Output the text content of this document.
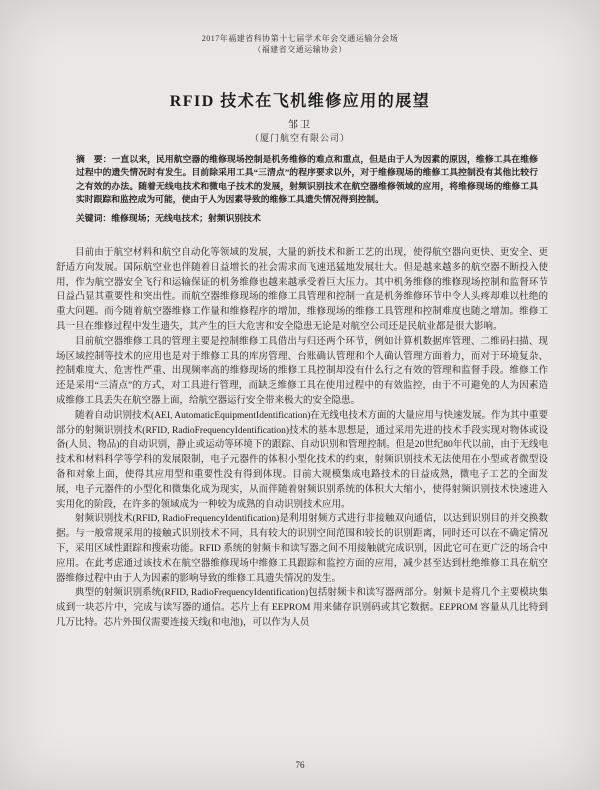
2017年福建省科协第十七届学术年会交通运输分会场
（福建省交通运输协会）
RFID 技术在飞机维修应用的展望
邹卫
（厦门航空有限公司）

摘　要：一直以来，民用航空器的维修现场控制是机务维修的难点和重点，但是由于人为因素的原因，维修工具在维修过程中的遗失情况时有发生。目前除采用工具“三清点”的程序要求以外，对于维修现场的维修工具控制没有其他比较行之有效的办法。随着无线电技术和微电子技术的发展，射频识别技术在航空器维修领域的应用，将维修现场的维修工具实时跟踪和监控成为可能，使由于人为因素导致的维修工具遗失情况得到控制。

关键词：维修现场；无线电技术；射频识别技术

目前由于航空材料和航空自动化等领域的发展，大量的新技术和新工艺的出现，使得航空器向更快、更安全、更舒适方向发展。国际航空业也伴随着日益增长的社会需求而飞速迅猛地发展壮大。但是越来越多的航空器不断投入使用，作为航空器安全飞行和运输保证的机务维修也越来越承受着巨大压力。其中机务维修的维修现场控制和监督环节日益凸显其重要性和突出性。而航空器维修现场的维修工具管理和控制一直是机务维修环节中令人头疼却难以杜绝的重大问题。而今随着航空器维修工作量和维修程序的增加，维修现场的维修工具管理和控制难度也随之增加。维修工具一旦在维修过程中发生遗失，其产生的巨大危害和安全隐患无论是对航空公司还是民航业都是很大影响。

目前航空器维修工具的管理主要是控制维修工具借出与归还两个环节，例如计算机数据库管理、二维码扫描、现场区域控制等技术的应用也是对于维修工具的库房管理、台账确认管理和个人确认管理方面着力，而对于环境复杂、控制难度大、危害性严重、出现频率高的维修现场的维修工具控制却没有什么行之有效的管理和监督手段。维修工作还是采用“三清点”的方式，对工具进行管理，而缺乏维修工具在使用过程中的有效监控，由于不可避免的人为因素造成维修工具丢失在航空器上面，给航空器运行安全带来极大的安全隐患。

随着自动识别技术(AEI, AutomaticEquipmentIdentification)在无线电技术方面的大量应用与快速发展。作为其中重要部分的射频识别技术(RFID, RadioFrequencyIdentification)技术的基本思想是，通过采用先进的技术手段实现对物体或设备(人员、物品)的自动识别，静止或运动等环境下的跟踪、自动识别和管理控制。但是20世纪80年代以前，由于无线电技术和材料科学等学科的发展限制，电子元器件的体积小型化技术的约束，射频识别技术无法使用在小型或者微型设备和对象上面，使得其应用型和重要性没有得到体现。目前大规模集成电路技术的日益成熟，微电子工艺的全面发展，电子元器件的小型化和微集化成为现实，从而伴随着射频识别系统的体积大大缩小，使得射频识别技术快速进入实用化的阶段，在许多的领域成为一种较为成熟的自动识别技术应用。

射频识别技术(RFID, RadioFrequencyIdentification)是利用射频方式进行非接触双向通信，以达到识别目的并交换数据。与一般常规采用的接触式识别技术不同，具有较大的识别空间范围和较长的识别距离，同时还可以在不确定情况下，采用区域性跟踪和搜索功能。RFID 系统的射频卡和读写器之间不用接触就完成识别，因此它可在更广泛的场合中应用。在此考虑通过该技术在航空器维修现场中维修工具跟踪和监控方面的应用，减少甚至达到杜绝维修工具在航空器维修过程中由于人为因素的影响导致的维修工具遗失情况的发生。

典型的射频识别系统(RFID, RadioFrequencyIdentification)包括射频卡和读写器两部分。射频卡是将几个主要模块集成到一块芯片中，完成与读写器的通信。芯片上有 EEPROM 用来储存识别码或其它数据。EEPROM 容量从几比特到几万比特。芯片外围仅需要连接天线(和电池)，可以作为人员

76
